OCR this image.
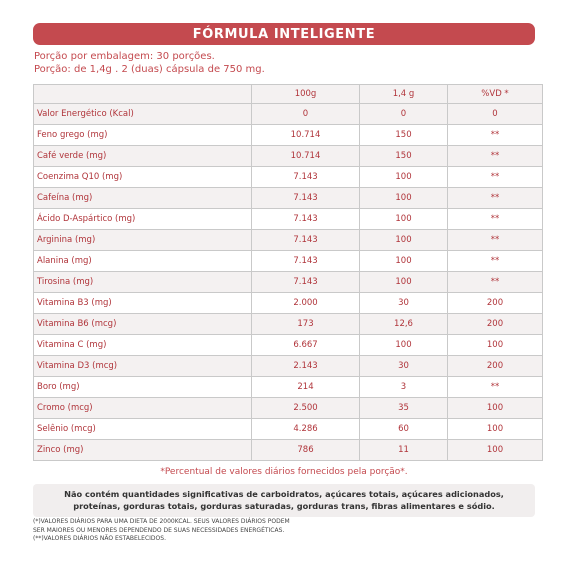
FÓRMULA INTELIGENTE
Porção por embalagem: 30 porções.
Porção: de 1,4g . 2 (duas) cápsula de 750 mg.
	100g	1,4 g	%VD *
Valor Energético (Kcal)	0	0	0
Feno grego (mg)	10.714	150	**
Café verde (mg)	10.714	150	**
Coenzima Q10 (mg)	7.143	100	**
Cafeína (mg)	7.143	100	**
Ácido D-Aspártico (mg)	7.143	100	**
Arginina (mg)	7.143	100	**
Alanina (mg)	7.143	100	**
Tirosina (mg)	7.143	100	**
Vitamina B3 (mg)	2.000	30	200
Vitamina B6 (mcg)	173	12,6	200
Vitamina C (mg)	6.667	100	100
Vitamina D3 (mcg)	2.143	30	200
Boro (mg)	214	3	**
Cromo (mcg)	2.500	35	100
Selênio (mcg)	4.286	60	100
Zinco (mg)	786	11	100
*Percentual de valores diários fornecidos pela porção*.
Não contém quantidades significativas de carboidratos, açúcares totais, açúcares adicionados, proteínas, gorduras totais, gorduras saturadas, gorduras trans, fibras alimentares e sódio.
(*)VALORES DIÁRIOS PARA UMA DIETA DE 2000KCAL. SEUS VALORES DIÁRIOS PODEM
SER MAIORES OU MENORES DEPENDENDO DE SUAS NECESSIDADES ENERGÉTICAS.
(**)VALORES DIÁRIOS NÃO ESTABELECIDOS.
